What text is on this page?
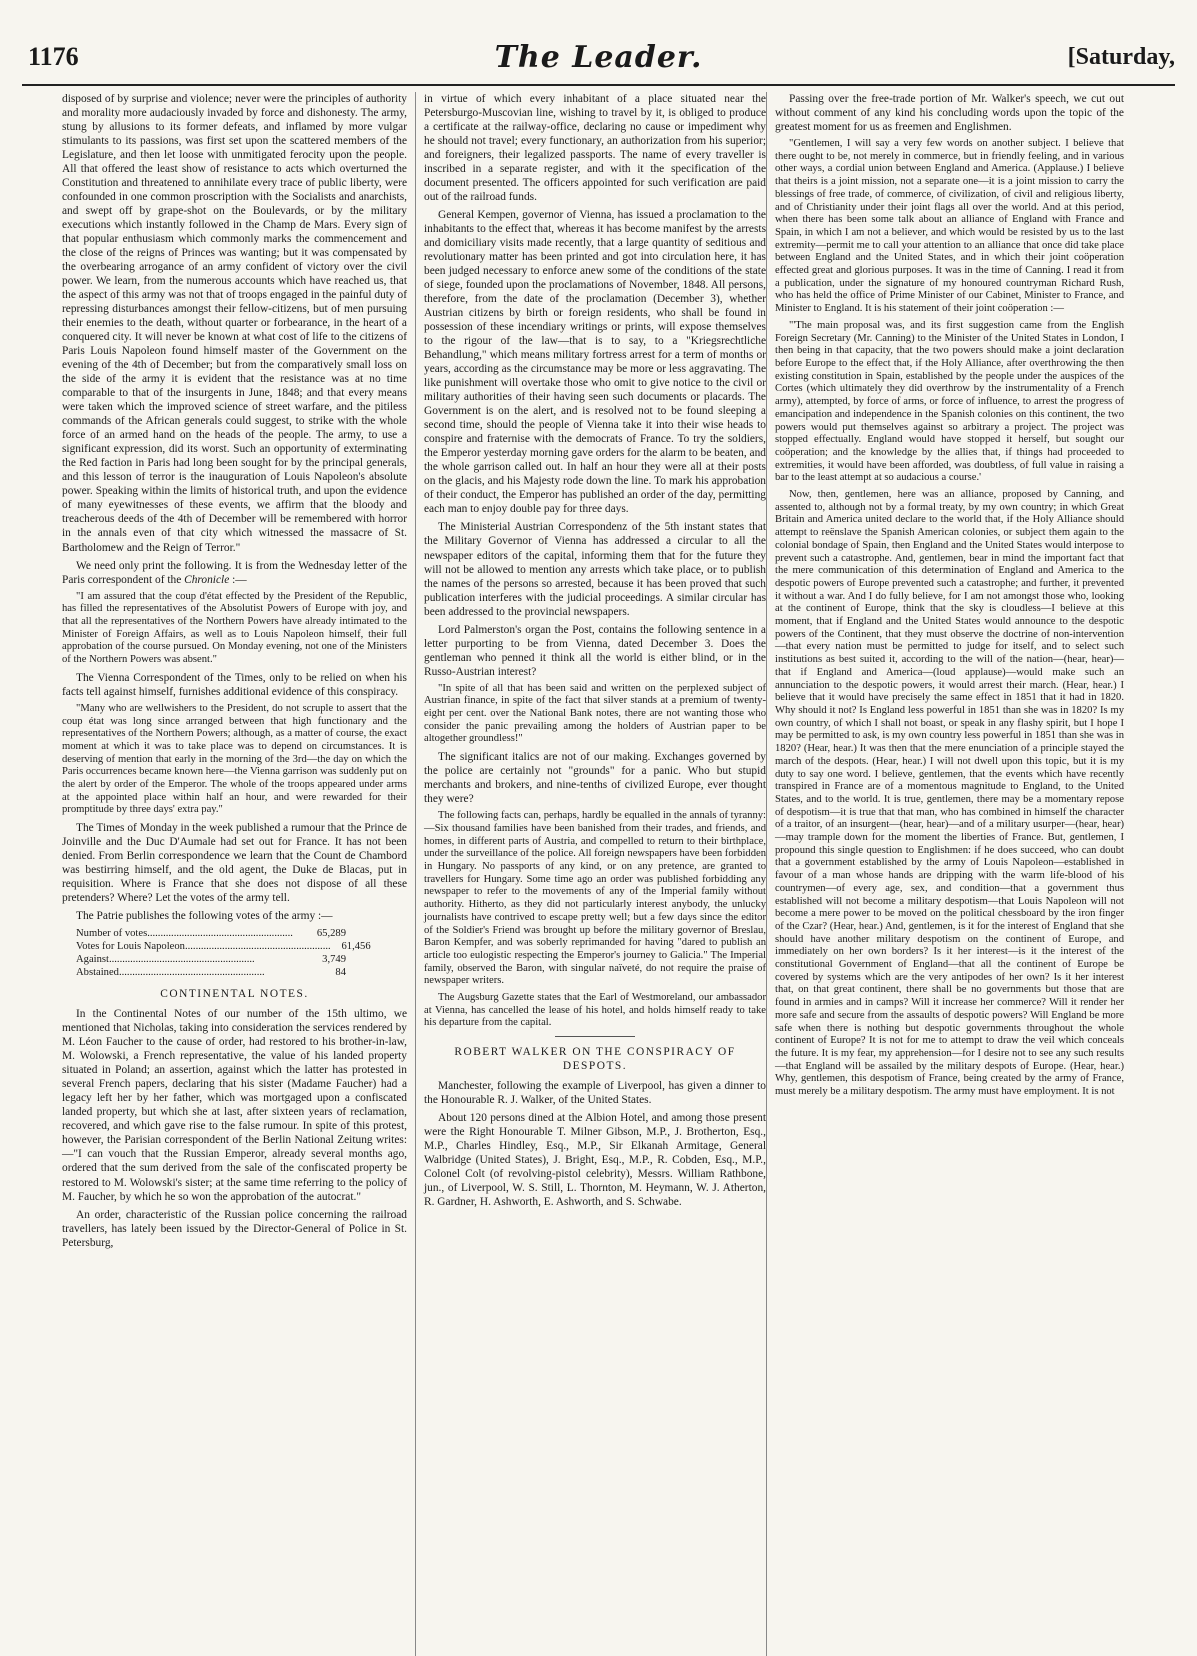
1176	The Leader.	[Saturday,

disposed of by surprise and violence; never were the principles of authority and morality more audaciously invaded by force and dishonesty. The army, stung by allusions to its former defeats, and inflamed by more vulgar stimulants to its passions, was first set upon the scattered members of the Legislature, and then let loose with unmitigated ferocity upon the people. All that offered the least show of resistance to acts which overturned the Constitution and threatened to annihilate every trace of public liberty, were confounded in one common proscription with the Socialists and anarchists, and swept off by grape-shot on the Boulevards, or by the military executions which instantly followed in the Champ de Mars. Every sign of that popular enthusiasm which commonly marks the commencement and the close of the reigns of Princes was wanting; but it was compensated by the overbearing arrogance of an army confident of victory over the civil power. We learn, from the numerous accounts which have reached us, that the aspect of this army was not that of troops engaged in the painful duty of repressing disturbances amongst their fellow-citizens, but of men pursuing their enemies to the death, without quarter or forbearance, in the heart of a conquered city. It will never be known at what cost of life to the citizens of Paris Louis Napoleon found himself master of the Government on the evening of the 4th of December; but from the comparatively small loss on the side of the army it is evident that the resistance was at no time comparable to that of the insurgents in June, 1848; and that every means were taken which the improved science of street warfare, and the pitiless commands of the African generals could suggest, to strike with the whole force of an armed hand on the heads of the people. The army, to use a significant expression, did its worst. Such an opportunity of exterminating the Red faction in Paris had long been sought for by the principal generals, and this lesson of terror is the inauguration of Louis Napoleon's absolute power. Speaking within the limits of historical truth, and upon the evidence of many eyewitnesses of these events, we affirm that the bloody and treacherous deeds of the 4th of December will be remembered with horror in the annals even of that city which witnessed the massacre of St. Bartholomew and the Reign of Terror."

We need only print the following. It is from the Wednesday letter of the Paris correspondent of the Chronicle :—

"I am assured that the coup d'état effected by the President of the Republic, has filled the representatives of the Absolutist Powers of Europe with joy, and that all the representatives of the Northern Powers have already intimated to the Minister of Foreign Affairs, as well as to Louis Napoleon himself, their full approbation of the course pursued. On Monday evening, not one of the Ministers of the Northern Powers was absent."

The Vienna Correspondent of the Times, only to be relied on when his facts tell against himself, furnishes additional evidence of this conspiracy.

"Many who are wellwishers to the President, do not scruple to assert that the coup état was long since arranged between that high functionary and the representatives of the Northern Powers; although, as a matter of course, the exact moment at which it was to take place was to depend on circumstances. It is deserving of mention that early in the morning of the 3rd—the day on which the Paris occurrences became known here—the Vienna garrison was suddenly put on the alert by order of the Emperor. The whole of the troops appeared under arms at the appointed place within half an hour, and were rewarded for their promptitude by three days' extra pay."

The Times of Monday in the week published a rumour that the Prince de Joinville and the Duc D'Aumale had set out for France. It has not been denied. From Berlin correspondence we learn that the Count de Chambord was bestirring himself, and the old agent, the Duke de Blacas, put in requisition. Where is France that she does not dispose of all these pretenders? Where? Let the votes of the army tell.

The Patrie publishes the following votes of the army :—

Number of votes .......................................................	65,289
Votes for Louis Napoleon .......................................................	61,456
Against .......................................................	3,749
Abstained .......................................................	84
CONTINENTAL NOTES.

In the Continental Notes of our number of the 15th ultimo, we mentioned that Nicholas, taking into consideration the services rendered by M. Léon Faucher to the cause of order, had restored to his brother-in-law, M. Wolowski, a French representative, the value of his landed property situated in Poland; an assertion, against which the latter has protested in several French papers, declaring that his sister (Madame Faucher) had a legacy left her by her father, which was mortgaged upon a confiscated landed property, but which she at last, after sixteen years of reclamation, recovered, and which gave rise to the false rumour. In spite of this protest, however, the Parisian correspondent of the Berlin National Zeitung writes:—"I can vouch that the Russian Emperor, already several months ago, ordered that the sum derived from the sale of the confiscated property be restored to M. Wolowski's sister; at the same time referring to the policy of M. Faucher, by which he so won the approbation of the autocrat."

An order, characteristic of the Russian police concerning the railroad travellers, has lately been issued by the Director-General of Police in St. Petersburg,

in virtue of which every inhabitant of a place situated near the Petersburgo-Muscovian line, wishing to travel by it, is obliged to produce a certificate at the railway-office, declaring no cause or impediment why he should not travel; every functionary, an authorization from his superior; and foreigners, their legalized passports. The name of every traveller is inscribed in a separate register, and with it the specification of the document presented. The officers appointed for such verification are paid out of the railroad funds.

General Kempen, governor of Vienna, has issued a proclamation to the inhabitants to the effect that, whereas it has become manifest by the arrests and domiciliary visits made recently, that a large quantity of seditious and revolutionary matter has been printed and got into circulation here, it has been judged necessary to enforce anew some of the conditions of the state of siege, founded upon the proclamations of November, 1848. All persons, therefore, from the date of the proclamation (December 3), whether Austrian citizens by birth or foreign residents, who shall be found in possession of these incendiary writings or prints, will expose themselves to the rigour of the law—that is to say, to a "Kriegsrechtliche Behandlung," which means military fortress arrest for a term of months or years, according as the circumstance may be more or less aggravating. The like punishment will overtake those who omit to give notice to the civil or military authorities of their having seen such documents or placards. The Government is on the alert, and is resolved not to be found sleeping a second time, should the people of Vienna take it into their wise heads to conspire and fraternise with the democrats of France. To try the soldiers, the Emperor yesterday morning gave orders for the alarm to be beaten, and the whole garrison called out. In half an hour they were all at their posts on the glacis, and his Majesty rode down the line. To mark his approbation of their conduct, the Emperor has published an order of the day, permitting each man to enjoy double pay for three days.

The Ministerial Austrian Correspondenz of the 5th instant states that the Military Governor of Vienna has addressed a circular to all the newspaper editors of the capital, informing them that for the future they will not be allowed to mention any arrests which take place, or to publish the names of the persons so arrested, because it has been proved that such publication interferes with the judicial proceedings. A similar circular has been addressed to the provincial newspapers.

Lord Palmerston's organ the Post, contains the following sentence in a letter purporting to be from Vienna, dated December 3. Does the gentleman who penned it think all the world is either blind, or in the Russo-Austrian interest?

"In spite of all that has been said and written on the perplexed subject of Austrian finance, in spite of the fact that silver stands at a premium of twenty-eight per cent. over the National Bank notes, there are not wanting those who consider the panic prevailing among the holders of Austrian paper to be altogether groundless!"

The significant italics are not of our making. Exchanges governed by the police are certainly not "grounds" for a panic. Who but stupid merchants and brokers, and nine-tenths of civilized Europe, ever thought they were?

The following facts can, perhaps, hardly be equalled in the annals of tyranny:—Six thousand families have been banished from their trades, and friends, and homes, in different parts of Austria, and compelled to return to their birthplace, under the surveillance of the police. All foreign newspapers have been forbidden in Hungary. No passports of any kind, or on any pretence, are granted to travellers for Hungary. Some time ago an order was published forbidding any newspaper to refer to the movements of any of the Imperial family without authority. Hitherto, as they did not particularly interest anybody, the unlucky journalists have contrived to escape pretty well; but a few days since the editor of the Soldier's Friend was brought up before the military governor of Breslau, Baron Kempfer, and was soberly reprimanded for having "dared to publish an article too eulogistic respecting the Emperor's journey to Galicia." The Imperial family, observed the Baron, with singular naïveté, do not require the praise of newspaper writers.

The Augsburg Gazette states that the Earl of Westmoreland, our ambassador at Vienna, has cancelled the lease of his hotel, and holds himself ready to take his departure from the capital.

ROBERT WALKER ON THE CONSPIRACY OF DESPOTS.

Manchester, following the example of Liverpool, has given a dinner to the Honourable R. J. Walker, of the United States.

About 120 persons dined at the Albion Hotel, and among those present were the Right Honourable T. Milner Gibson, M.P., J. Brotherton, Esq., M.P., Charles Hindley, Esq., M.P., Sir Elkanah Armitage, General Walbridge (United States), J. Bright, Esq., M.P., R. Cobden, Esq., M.P., Colonel Colt (of revolving-pistol celebrity), Messrs. William Rathbone, jun., of Liverpool, W. S. Still, L. Thornton, M. Heymann, W. J. Atherton, R. Gardner, H. Ashworth, E. Ashworth, and S. Schwabe.

Passing over the free-trade portion of Mr. Walker's speech, we cut out without comment of any kind his concluding words upon the topic of the greatest moment for us as freemen and Englishmen.

"Gentlemen, I will say a very few words on another subject. I believe that there ought to be, not merely in commerce, but in friendly feeling, and in various other ways, a cordial union between England and America. (Applause.) I believe that theirs is a joint mission, not a separate one—it is a joint mission to carry the blessings of free trade, of commerce, of civilization, of civil and religious liberty, and of Christianity under their joint flags all over the world. And at this period, when there has been some talk about an alliance of England with France and Spain, in which I am not a believer, and which would be resisted by us to the last extremity—permit me to call your attention to an alliance that once did take place between England and the United States, and in which their joint coöperation effected great and glorious purposes. It was in the time of Canning. I read it from a publication, under the signature of my honoured countryman Richard Rush, who has held the office of Prime Minister of our Cabinet, Minister to France, and Minister to England. It is his statement of their joint coöperation :—

"'The main proposal was, and its first suggestion came from the English Foreign Secretary (Mr. Canning) to the Minister of the United States in London, I then being in that capacity, that the two powers should make a joint declaration before Europe to the effect that, if the Holy Alliance, after overthrowing the then existing constitution in Spain, established by the people under the auspices of the Cortes (which ultimately they did overthrow by the instrumentality of a French army), attempted, by force of arms, or force of influence, to arrest the progress of emancipation and independence in the Spanish colonies on this continent, the two powers would put themselves against so arbitrary a project. The project was stopped effectually. England would have stopped it herself, but sought our coöperation; and the knowledge by the allies that, if things had proceeded to extremities, it would have been afforded, was doubtless, of full value in raising a bar to the least attempt at so audacious a course.'

Now, then, gentlemen, here was an alliance, proposed by Canning, and assented to, although not by a formal treaty, by my own country; in which Great Britain and America united declare to the world that, if the Holy Alliance should attempt to reënslave the Spanish American colonies, or subject them again to the colonial bondage of Spain, then England and the United States would interpose to prevent such a catastrophe. And, gentlemen, bear in mind the important fact that the mere communication of this determination of England and America to the despotic powers of Europe prevented such a catastrophe; and further, it prevented it without a war. And I do fully believe, for I am not amongst those who, looking at the continent of Europe, think that the sky is cloudless—I believe at this moment, that if England and the United States would announce to the despotic powers of the Continent, that they must observe the doctrine of non-intervention—that every nation must be permitted to judge for itself, and to select such institutions as best suited it, according to the will of the nation—(hear, hear)—that if England and America—(loud applause)—would make such an annunciation to the despotic powers, it would arrest their march. (Hear, hear.) I believe that it would have precisely the same effect in 1851 that it had in 1820. Why should it not? Is England less powerful in 1851 than she was in 1820? Is my own country, of which I shall not boast, or speak in any flashy spirit, but I hope I may be permitted to ask, is my own country less powerful in 1851 than she was in 1820? (Hear, hear.) It was then that the mere enunciation of a principle stayed the march of the despots. (Hear, hear.) I will not dwell upon this topic, but it is my duty to say one word. I believe, gentlemen, that the events which have recently transpired in France are of a momentous magnitude to England, to the United States, and to the world. It is true, gentlemen, there may be a momentary repose of despotism—it is true that that man, who has combined in himself the character of a traitor, of an insurgent—(hear, hear)—and of a military usurper—(hear, hear)—may trample down for the moment the liberties of France. But, gentlemen, I propound this single question to Englishmen: if he does succeed, who can doubt that a government established by the army of Louis Napoleon—established in favour of a man whose hands are dripping with the warm life-blood of his countrymen—of every age, sex, and condition—that a government thus established will not become a military despotism—that Louis Napoleon will not become a mere power to be moved on the political chessboard by the iron finger of the Czar? (Hear, hear.) And, gentlemen, is it for the interest of England that she should have another military despotism on the continent of Europe, and immediately on her own borders? Is it her interest—is it the interest of the constitutional Government of England—that all the continent of Europe be covered by systems which are the very antipodes of her own? Is it her interest that, on that great continent, there shall be no governments but those that are found in armies and in camps? Will it increase her commerce? Will it render her more safe and secure from the assaults of despotic powers? Will England be more safe when there is nothing but despotic governments throughout the whole continent of Europe? It is not for me to attempt to draw the veil which conceals the future. It is my fear, my apprehension—for I desire not to see any such results—that England will be assailed by the military despots of Europe. (Hear, hear.) Why, gentlemen, this despotism of France, being created by the army of France, must merely be a military despotism. The army must have employment. It is not
